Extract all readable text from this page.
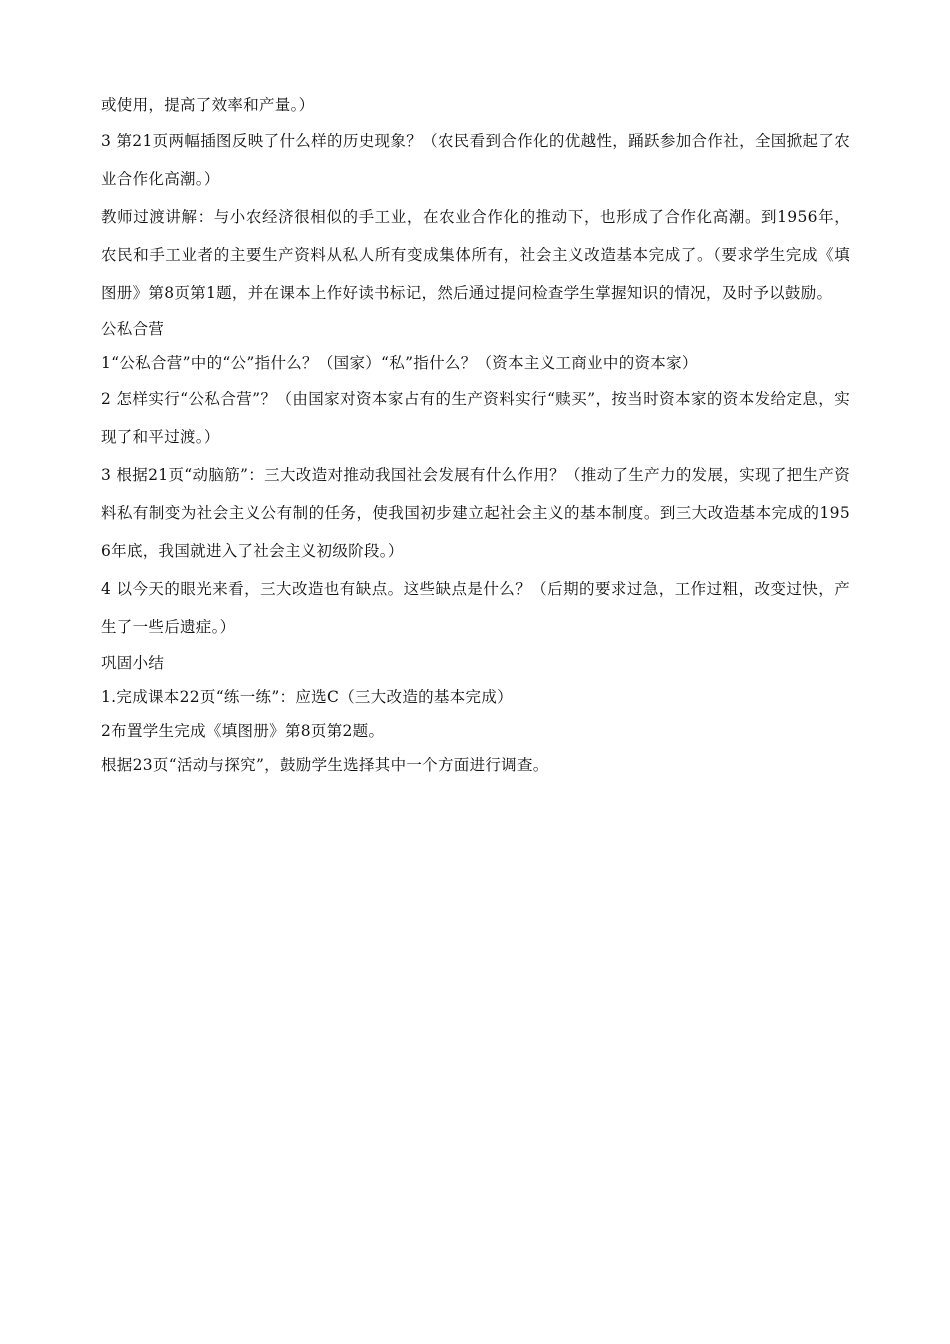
或使用，提高了效率和产量。）

3 第21页两幅插图反映了什么样的历史现象？（农民看到合作化的优越性，踊跃参加合作社，全国掀起了农业合作化高潮。）

教师过渡讲解：与小农经济很相似的手工业，在农业合作化的推动下，也形成了合作化高潮。到1956年，农民和手工业者的主要生产资料从私人所有变成集体所有，社会主义改造基本完成了。（要求学生完成《填图册》第8页第1题，并在课本上作好读书标记，然后通过提问检查学生掌握知识的情况，及时予以鼓励。

公私合营

1“公私合营”中的“公”指什么？（国家）“私”指什么？（资本主义工商业中的资本家）

2 怎样实行“公私合营”？（由国家对资本家占有的生产资料实行“赎买”，按当时资本家的资本发给定息，实现了和平过渡。）

3 根据21页“动脑筋”：三大改造对推动我国社会发展有什么作用？（推动了生产力的发展，实现了把生产资料私有制变为社会主义公有制的任务，使我国初步建立起社会主义的基本制度。到三大改造基本完成的1956年底，我国就进入了社会主义初级阶段。）

4 以今天的眼光来看，三大改造也有缺点。这些缺点是什么？（后期的要求过急，工作过粗，改变过快，产生了一些后遗症。）

巩固小结

1.完成课本22页“练一练”：应选C（三大改造的基本完成）

2布置学生完成《填图册》第8页第2题。

根据23页“活动与探究”，鼓励学生选择其中一个方面进行调查。
